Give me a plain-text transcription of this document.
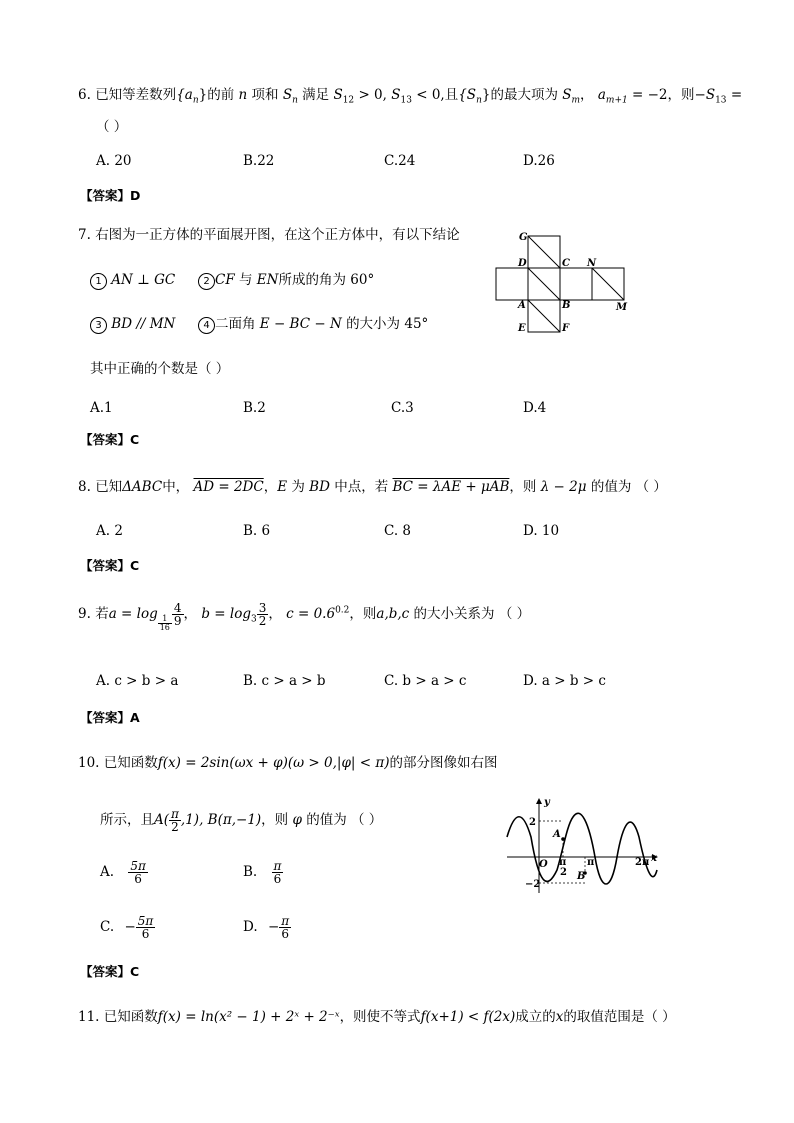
6. 已知等差数列$\{a_n\}$的前 n 项和 $S_n$ 满足 $S_{12} > 0$, $S_{13} < 0$,且$\{S_n\}$的最大项为 $S_m$， $a_{m+1} = -2$，则$-S_{13}$ =
（ ）
A. 20	B.22	C.24	D.26
【答案】D
7. 右图为一正方体的平面展开图，在这个正方体中，有以下结论
1 AN ⊥ GC	2 CF 与 EN所成的角为 60°
3 BD // MN	4 二面角 E − BC − N 的大小为 45°
其中正确的个数是（ ）
A.1	B.2	C.3	D.4
【答案】C
G
D	C N
A	B	M
E	F
8. 已知ΔABC中， AD = 2DC，E 为 BD 中点，若 BC = λAE + μAB，则 λ − 2μ 的值为 （ ）
A. 2	B. 6	C. 8	D. 10
【答案】C
9. 若a = log
$\frac{1}{16} \frac{4}{9}$ ， $b = \log_3 \frac{3}{2}$ ， $c = 0.6^{0.2}$，则a,b,c 的大小关系为 （ ）
A. c > b > a	B. c > a > b	C. b > a > c	D. a > b > c
【答案】A
10. 已知函数f(x) = 2sin(ωx + φ)(ω > 0,|φ| < π)的部分图像如右图
所示，且$A( \frac{\pi}{2} ,1)$, B(π,−1)，则 φ 的值为 （ ）
A. $\frac{5\pi}{6}$	B. $\frac{\pi}{6}$
C. − $\frac{5\pi}{6}$	D. − $\frac{\pi}{6}$
【答案】C
y
x
2
−2
O
A
B
π
2
π	2π
11. 已知函数f(x) = ln(x² − 1) + 2ˣ + 2⁻ˣ，则使不等式f(x+1) < f(2x)成立的x的取值范围是（ ）
